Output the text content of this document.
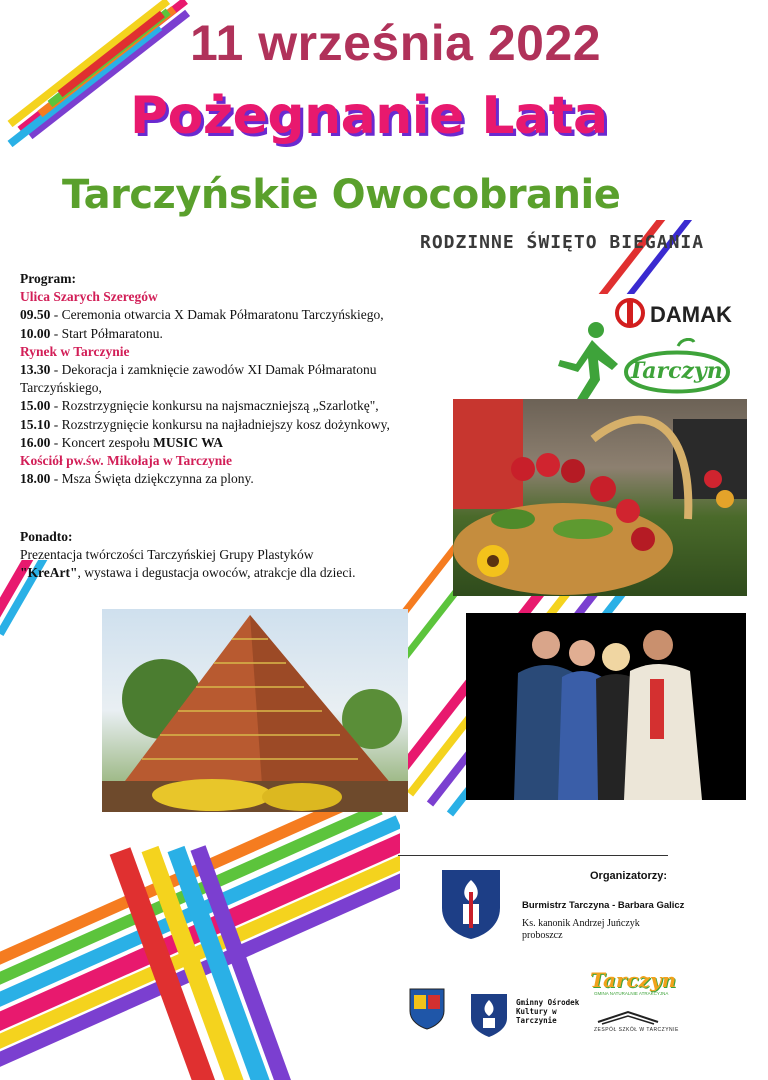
11 września 2022
Pożegnanie Lata
Tarczyńskie Owocobranie
RODZINNE ŚWIĘTO BIEGANIA
Program:
Ulica Szarych Szeregów
09.50 - Ceremonia otwarcia X Damak Półmaratonu Tarczyńskiego,
10.00 - Start Półmaratonu.
Rynek w Tarczynie
13.30 - Dekoracja i zamknięcie zawodów XI Damak Półmaratonu Tarczyńskiego,
15.00 - Rozstrzygnięcie konkursu na najsmaczniejszą „Szarlotkę",
15.10 - Rozstrzygnięcie konkursu na najładniejszy kosz dożynkowy,
16.00 - Koncert zespołu MUSIC WA
Kościół pw.św. Mikołaja w Tarczynie
18.00 - Msza Święta dziękczynna za plony.
Ponadto:
Prezentacja twórczości Tarczyńskiej Grupy Plastyków
"KreArt", wystawa i degustacja owoców, atrakcje dla dzieci.
DAMAK
Tarczyn
Organizatorzy:
Burmistrz Tarczyna - Barbara Galicz
Ks. kanonik Andrzej Juńczyk proboszcz
Gminny Ośrodek Kultury w Tarczynie
Tarczyn
GMINA NATURALNIE ATRAKCYJNA
ZESPÓŁ SZKÓŁ W TARCZYNIE
